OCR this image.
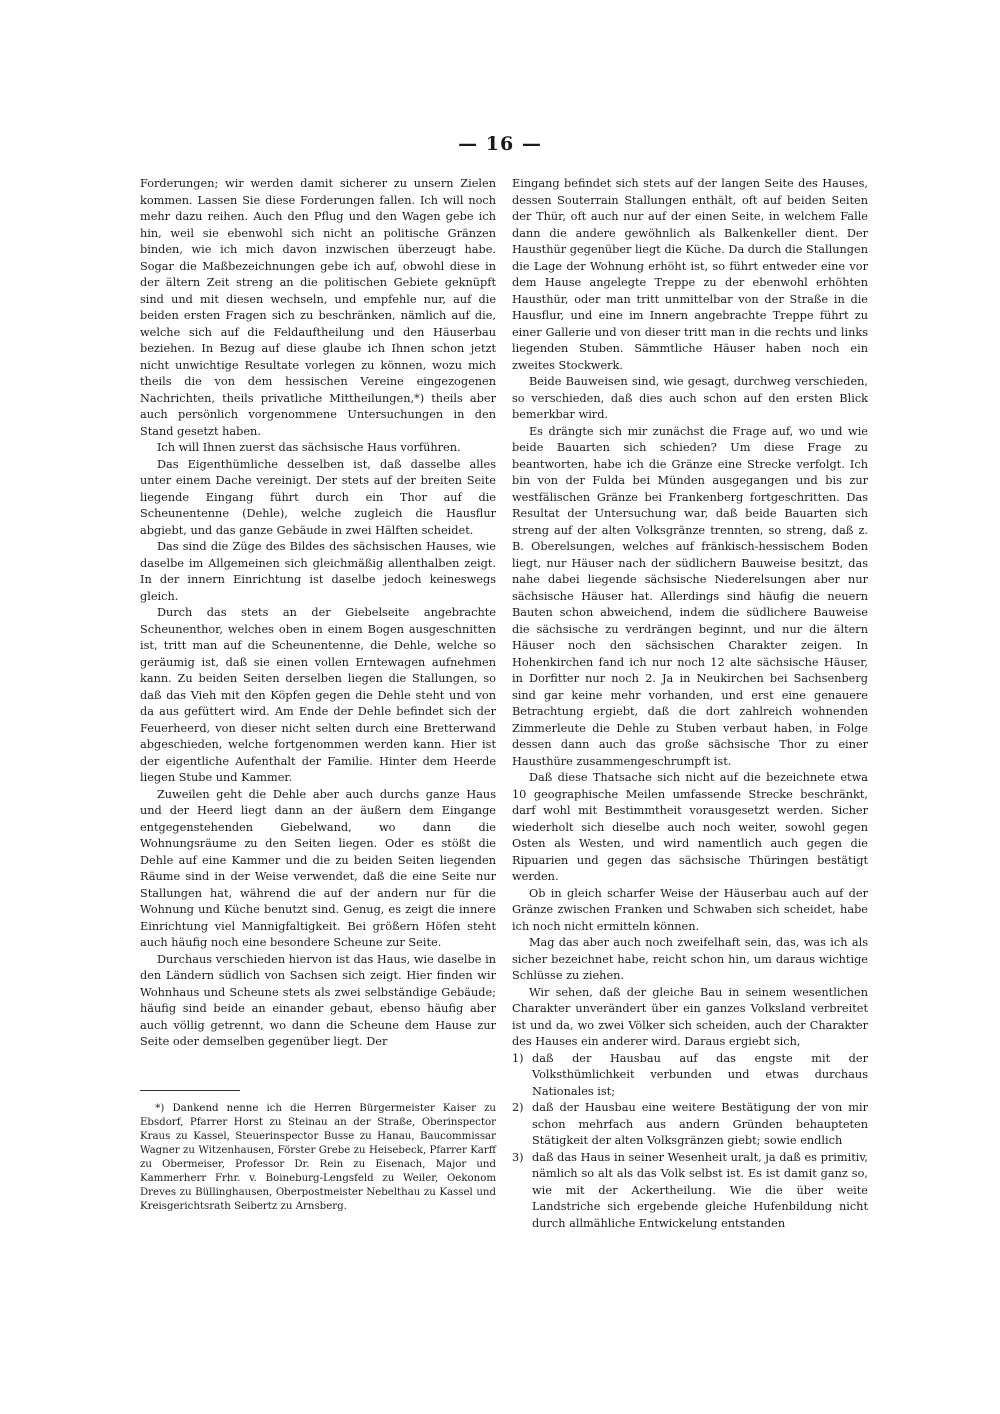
— 16 —

Forderungen; wir werden damit sicherer zu unsern Zielen kommen. Lassen Sie diese Forderungen fallen. Ich will noch mehr dazu reihen. Auch den Pflug und den Wagen gebe ich hin, weil sie ebenwohl sich nicht an politische Gränzen binden, wie ich mich davon inzwischen überzeugt habe. Sogar die Maßbezeichnungen gebe ich auf, obwohl diese in der ältern Zeit streng an die politischen Gebiete geknüpft sind und mit diesen wechseln, und empfehle nur, auf die beiden ersten Fragen sich zu beschränken, nämlich auf die, welche sich auf die Feldauftheilung und den Häuserbau beziehen. In Bezug auf diese glaube ich Ihnen schon jetzt nicht unwichtige Resultate vorlegen zu können, wozu mich theils die von dem hessischen Vereine eingezogenen Nachrichten, theils privatliche Mittheilungen,*) theils aber auch persönlich vorgenommene Untersuchungen in den Stand gesetzt haben.

Ich will Ihnen zuerst das sächsische Haus vorführen.

Das Eigenthümliche desselben ist, daß dasselbe alles unter einem Dache vereinigt. Der stets auf der breiten Seite liegende Eingang führt durch ein Thor auf die Scheunentenne (Dehle), welche zugleich die Hausflur abgiebt, und das ganze Gebäude in zwei Hälften scheidet.

Das sind die Züge des Bildes des sächsischen Hauses, wie daselbe im Allgemeinen sich gleichmäßig allenthalben zeigt. In der innern Einrichtung ist daselbe jedoch keineswegs gleich.

Durch das stets an der Giebelseite angebrachte Scheunenthor, welches oben in einem Bogen ausgeschnitten ist, tritt man auf die Scheunentenne, die Dehle, welche so geräumig ist, daß sie einen vollen Erntewagen aufnehmen kann. Zu beiden Seiten derselben liegen die Stallungen, so daß das Vieh mit den Köpfen gegen die Dehle steht und von da aus gefüttert wird. Am Ende der Dehle befindet sich der Feuerheerd, von dieser nicht selten durch eine Bretterwand abgeschieden, welche fortgenommen werden kann. Hier ist der eigentliche Aufenthalt der Familie. Hinter dem Heerde liegen Stube und Kammer.

Zuweilen geht die Dehle aber auch durchs ganze Haus und der Heerd liegt dann an der äußern dem Eingange entgegenstehenden Giebelwand, wo dann die Wohnungsräume zu den Seiten liegen. Oder es stößt die Dehle auf eine Kammer und die zu beiden Seiten liegenden Räume sind in der Weise verwendet, daß die eine Seite nur Stallungen hat, während die auf der andern nur für die Wohnung und Küche benutzt sind. Genug, es zeigt die innere Einrichtung viel Mannigfaltigkeit. Bei größern Höfen steht auch häufig noch eine besondere Scheune zur Seite.

Durchaus verschieden hiervon ist das Haus, wie daselbe in den Ländern südlich von Sachsen sich zeigt. Hier finden wir Wohnhaus und Scheune stets als zwei selbständige Gebäude; häufig sind beide an einander gebaut, ebenso häufig aber auch völlig getrennt, wo dann die Scheune dem Hause zur Seite oder demselben gegenüber liegt. Der

*) Dankend nenne ich die Herren Bürgermeister Kaiser zu Ebsdorf, Pfarrer Horst zu Steinau an der Straße, Oberinspector Kraus zu Kassel, Steuerinspector Busse zu Hanau, Baucommissar Wagner zu Witzenhausen, Förster Grebe zu Heisebeck, Pfarrer Karff zu Obermeiser, Professor Dr. Rein zu Eisenach, Major und Kammerherr Frhr. v. Boineburg-Lengsfeld zu Weiler, Oekonom Dreves zu Büllinghausen, Oberpostmeister Nebelthau zu Kassel und Kreisgerichtsrath Seibertz zu Arnsberg.

Eingang befindet sich stets auf der langen Seite des Hauses, dessen Souterrain Stallungen enthält, oft auf beiden Seiten der Thür, oft auch nur auf der einen Seite, in welchem Falle dann die andere gewöhnlich als Balkenkeller dient. Der Hausthür gegenüber liegt die Küche. Da durch die Stallungen die Lage der Wohnung erhöht ist, so führt entweder eine vor dem Hause angelegte Treppe zu der ebenwohl erhöhten Hausthür, oder man tritt unmittelbar von der Straße in die Hausflur, und eine im Innern angebrachte Treppe führt zu einer Gallerie und von dieser tritt man in die rechts und links liegenden Stuben. Sämmtliche Häuser haben noch ein zweites Stockwerk.

Beide Bauweisen sind, wie gesagt, durchweg verschieden, so verschieden, daß dies auch schon auf den ersten Blick bemerkbar wird.

Es drängte sich mir zunächst die Frage auf, wo und wie beide Bauarten sich schieden? Um diese Frage zu beantworten, habe ich die Gränze eine Strecke verfolgt. Ich bin von der Fulda bei Münden ausgegangen und bis zur westfälischen Gränze bei Frankenberg fortgeschritten. Das Resultat der Untersuchung war, daß beide Bauarten sich streng auf der alten Volksgränze trennten, so streng, daß z. B. Oberelsungen, welches auf fränkisch-hessischem Boden liegt, nur Häuser nach der südlichern Bauweise besitzt, das nahe dabei liegende sächsische Niederelsungen aber nur sächsische Häuser hat. Allerdings sind häufig die neuern Bauten schon abweichend, indem die südlichere Bauweise die sächsische zu verdrängen beginnt, und nur die ältern Häuser noch den sächsischen Charakter zeigen. In Hohenkirchen fand ich nur noch 12 alte sächsische Häuser, in Dorfitter nur noch 2. Ja in Neukirchen bei Sachsenberg sind gar keine mehr vorhanden, und erst eine genauere Betrachtung ergiebt, daß die dort zahlreich wohnenden Zimmerleute die Dehle zu Stuben verbaut haben, in Folge dessen dann auch das große sächsische Thor zu einer Hausthüre zusammengeschrumpft ist.

Daß diese Thatsache sich nicht auf die bezeichnete etwa 10 geographische Meilen umfassende Strecke beschränkt, darf wohl mit Bestimmtheit vorausgesetzt werden. Sicher wiederholt sich dieselbe auch noch weiter, sowohl gegen Osten als Westen, und wird namentlich auch gegen die Ripuarien und gegen das sächsische Thüringen bestätigt werden.

Ob in gleich scharfer Weise der Häuserbau auch auf der Gränze zwischen Franken und Schwaben sich scheidet, habe ich noch nicht ermitteln können.

Mag das aber auch noch zweifelhaft sein, das, was ich als sicher bezeichnet habe, reicht schon hin, um daraus wichtige Schlüsse zu ziehen.

Wir sehen, daß der gleiche Bau in seinem wesentlichen Charakter unverändert über ein ganzes Volksland verbreitet ist und da, wo zwei Völker sich scheiden, auch der Charakter des Hauses ein anderer wird. Daraus ergiebt sich,

1) daß der Hausbau auf das engste mit der Volksthümlichkeit verbunden und etwas durchaus Nationales ist;
2) daß der Hausbau eine weitere Bestätigung der von mir schon mehrfach aus andern Gründen behaupteten Stätigkeit der alten Volksgränzen giebt; sowie endlich
3) daß das Haus in seiner Wesenheit uralt, ja daß es primitiv, nämlich so alt als das Volk selbst ist. Es ist damit ganz so, wie mit der Ackertheilung. Wie die über weite Landstriche sich ergebende gleiche Hufenbildung nicht durch allmähliche Entwickelung entstanden
